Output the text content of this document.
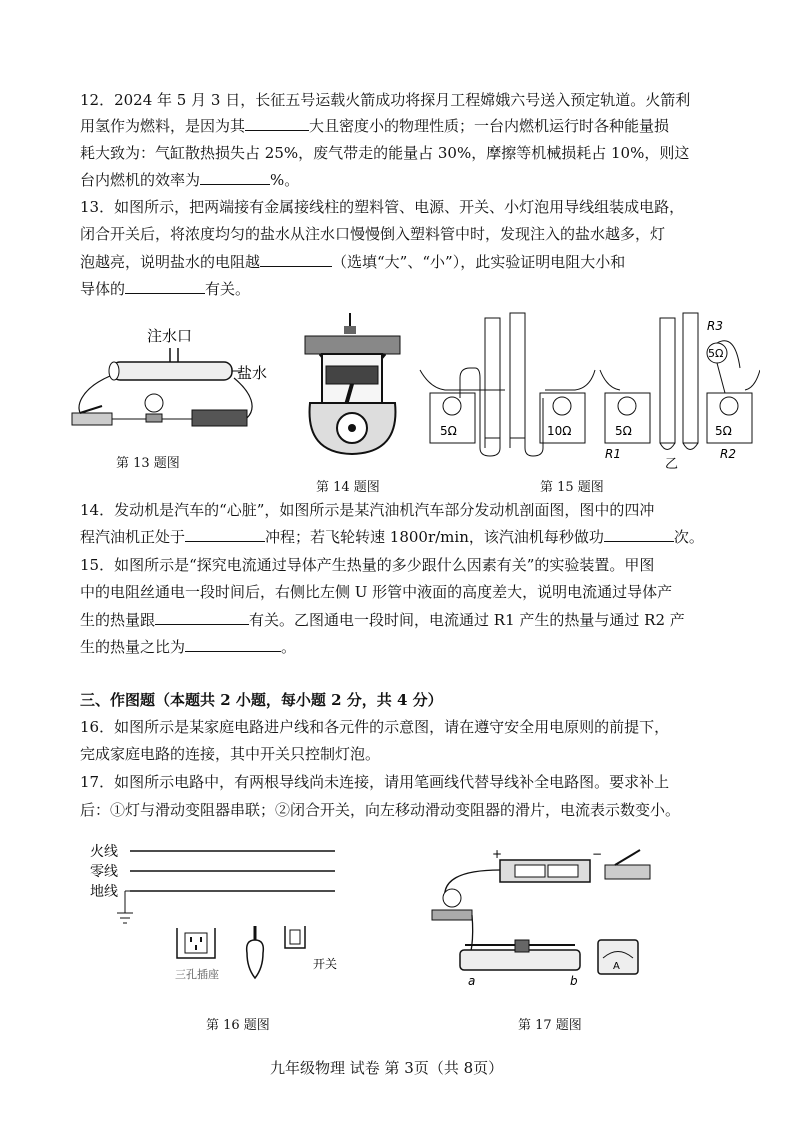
12．2024 年 5 月 3 日，长征五号运载火箭成功将探月工程嫦娥六号送入预定轨道。火箭利
用氢作为燃料，是因为其	大且密度小的物理性质；一台内燃机运行时各种能量损
耗大致为：气缸散热损失占 25%，废气带走的能量占 30%，摩擦等机械损耗占 10%，则这
台内燃机的效率为	%。
13．如图所示，把两端接有金属接线柱的塑料管、电源、开关、小灯泡用导线组装成电路，
闭合开关后，将浓度均匀的盐水从注水口慢慢倒入塑料管中时，发现注入的盐水越多，灯
泡越亮，说明盐水的电阻越	（选填“大”、“小”），此实验证明电阻大小和
导体的	有关。
注水口
盐水
第 13 题图
第 14 题图
5Ω	10Ω	5Ω	5Ω
R3
5Ω
R1
乙
R2
第 15 题图
14．发动机是汽车的“心脏”，如图所示是某汽油机汽车部分发动机剖面图，图中的四冲
程汽油机正处于	冲程；若飞轮转速 1800r/min，该汽油机每秒做功	次。
15．如图所示是“探究电流通过导体产生热量的多少跟什么因素有关”的实验装置。甲图
中的电阻丝通电一段时间后，右侧比左侧 U 形管中液面的高度差大，说明电流通过导体产
生的热量跟	有关。乙图通电一段时间，电流通过 R1 产生的热量与通过 R2 产
生的热量之比为	。
三、作图题（本题共 2 小题，每小题 2 分，共 4 分）
16．如图所示是某家庭电路进户线和各元件的示意图，请在遵守安全用电原则的前提下，
完成家庭电路的连接，其中开关只控制灯泡。
17．如图所示电路中，有两根导线尚未连接，请用笔画线代替导线补全电路图。要求补上
后：①灯与滑动变阻器串联；②闭合开关，向左移动滑动变阻器的滑片，电流表示数变小。
火线
零线
地线
三孔插座
开关
第 16 题图
+	−
a	b
A
第 17 题图
九年级物理 试卷 第 3页（共 8页）
